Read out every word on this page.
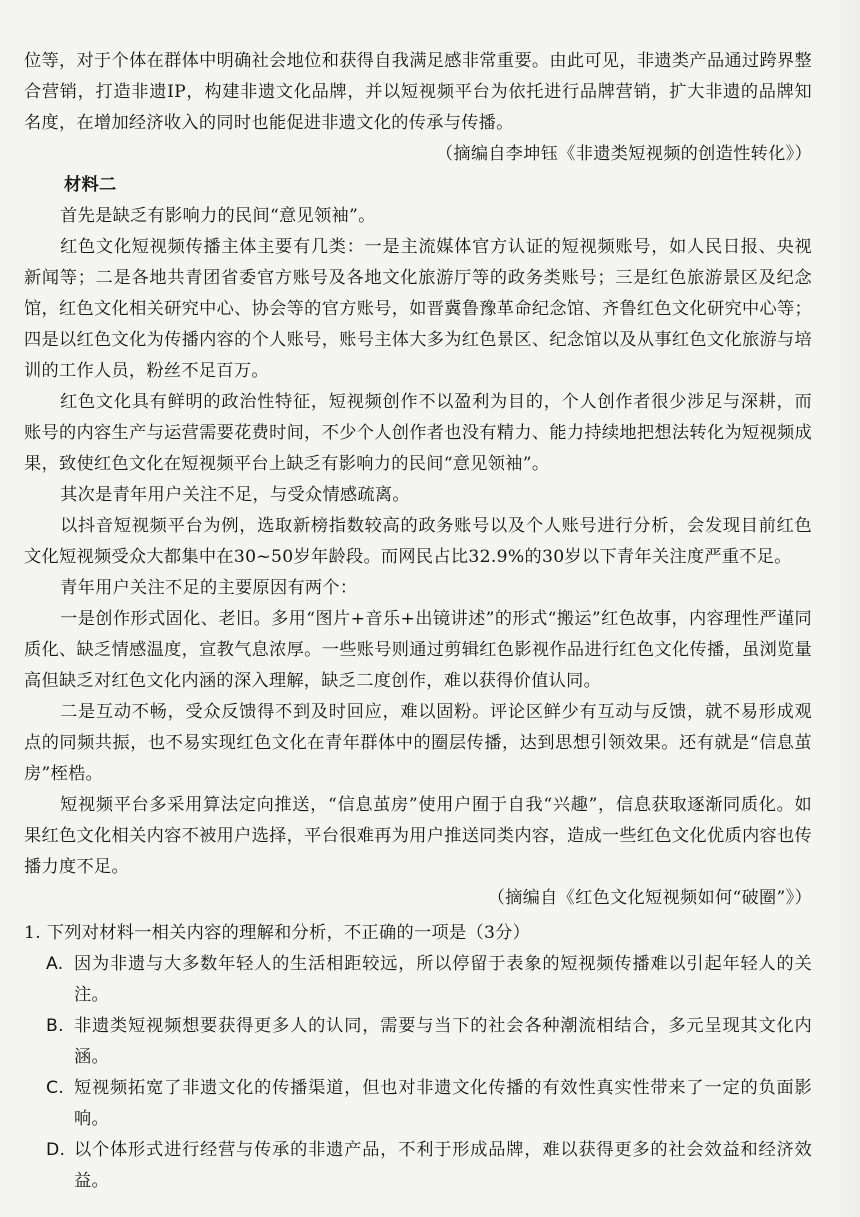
位等，对于个体在群体中明确社会地位和获得自我满足感非常重要。由此可见，非遗类产品通过跨界整合营销，打造非遗IP，构建非遗文化品牌，并以短视频平台为依托进行品牌营销，扩大非遗的品牌知名度，在增加经济收入的同时也能促进非遗文化的传承与传播。

（摘编自李坤钰《非遗类短视频的创造性转化》）

材料二

首先是缺乏有影响力的民间“意见领袖”。

红色文化短视频传播主体主要有几类：一是主流媒体官方认证的短视频账号，如人民日报、央视新闻等；二是各地共青团省委官方账号及各地文化旅游厅等的政务类账号；三是红色旅游景区及纪念馆，红色文化相关研究中心、协会等的官方账号，如晋冀鲁豫革命纪念馆、齐鲁红色文化研究中心等；四是以红色文化为传播内容的个人账号，账号主体大多为红色景区、纪念馆以及从事红色文化旅游与培训的工作人员，粉丝不足百万。

红色文化具有鲜明的政治性特征，短视频创作不以盈利为目的，个人创作者很少涉足与深耕，而账号的内容生产与运营需要花费时间，不少个人创作者也没有精力、能力持续地把想法转化为短视频成果，致使红色文化在短视频平台上缺乏有影响力的民间“意见领袖”。

其次是青年用户关注不足，与受众情感疏离。

以抖音短视频平台为例，选取新榜指数较高的政务账号以及个人账号进行分析，会发现目前红色文化短视频受众大都集中在30~50岁年龄段。而网民占比32.9%的30岁以下青年关注度严重不足。

青年用户关注不足的主要原因有两个：

一是创作形式固化、老旧。多用“图片+音乐+出镜讲述”的形式“搬运”红色故事，内容理性严谨同质化、缺乏情感温度，宣教气息浓厚。一些账号则通过剪辑红色影视作品进行红色文化传播，虽浏览量高但缺乏对红色文化内涵的深入理解，缺乏二度创作，难以获得价值认同。

二是互动不畅，受众反馈得不到及时回应，难以固粉。评论区鲜少有互动与反馈，就不易形成观点的同频共振，也不易实现红色文化在青年群体中的圈层传播，达到思想引领效果。还有就是“信息茧房”桎梏。

短视频平台多采用算法定向推送，“信息茧房”使用户囿于自我“兴趣”，信息获取逐渐同质化。如果红色文化相关内容不被用户选择，平台很难再为用户推送同类内容，造成一些红色文化优质内容也传播力度不足。

（摘编自《红色文化短视频如何“破圈”》）

1. 下列对材料一相关内容的理解和分析，不正确的一项是（3分）

A. 因为非遗与大多数年轻人的生活相距较远，所以停留于表象的短视频传播难以引起年轻人的关注。
B. 非遗类短视频想要获得更多人的认同，需要与当下的社会各种潮流相结合，多元呈现其文化内涵。
C. 短视频拓宽了非遗文化的传播渠道，但也对非遗文化传播的有效性真实性带来了一定的负面影响。
D. 以个体形式进行经营与传承的非遗产品，不利于形成品牌，难以获得更多的社会效益和经济效益。
